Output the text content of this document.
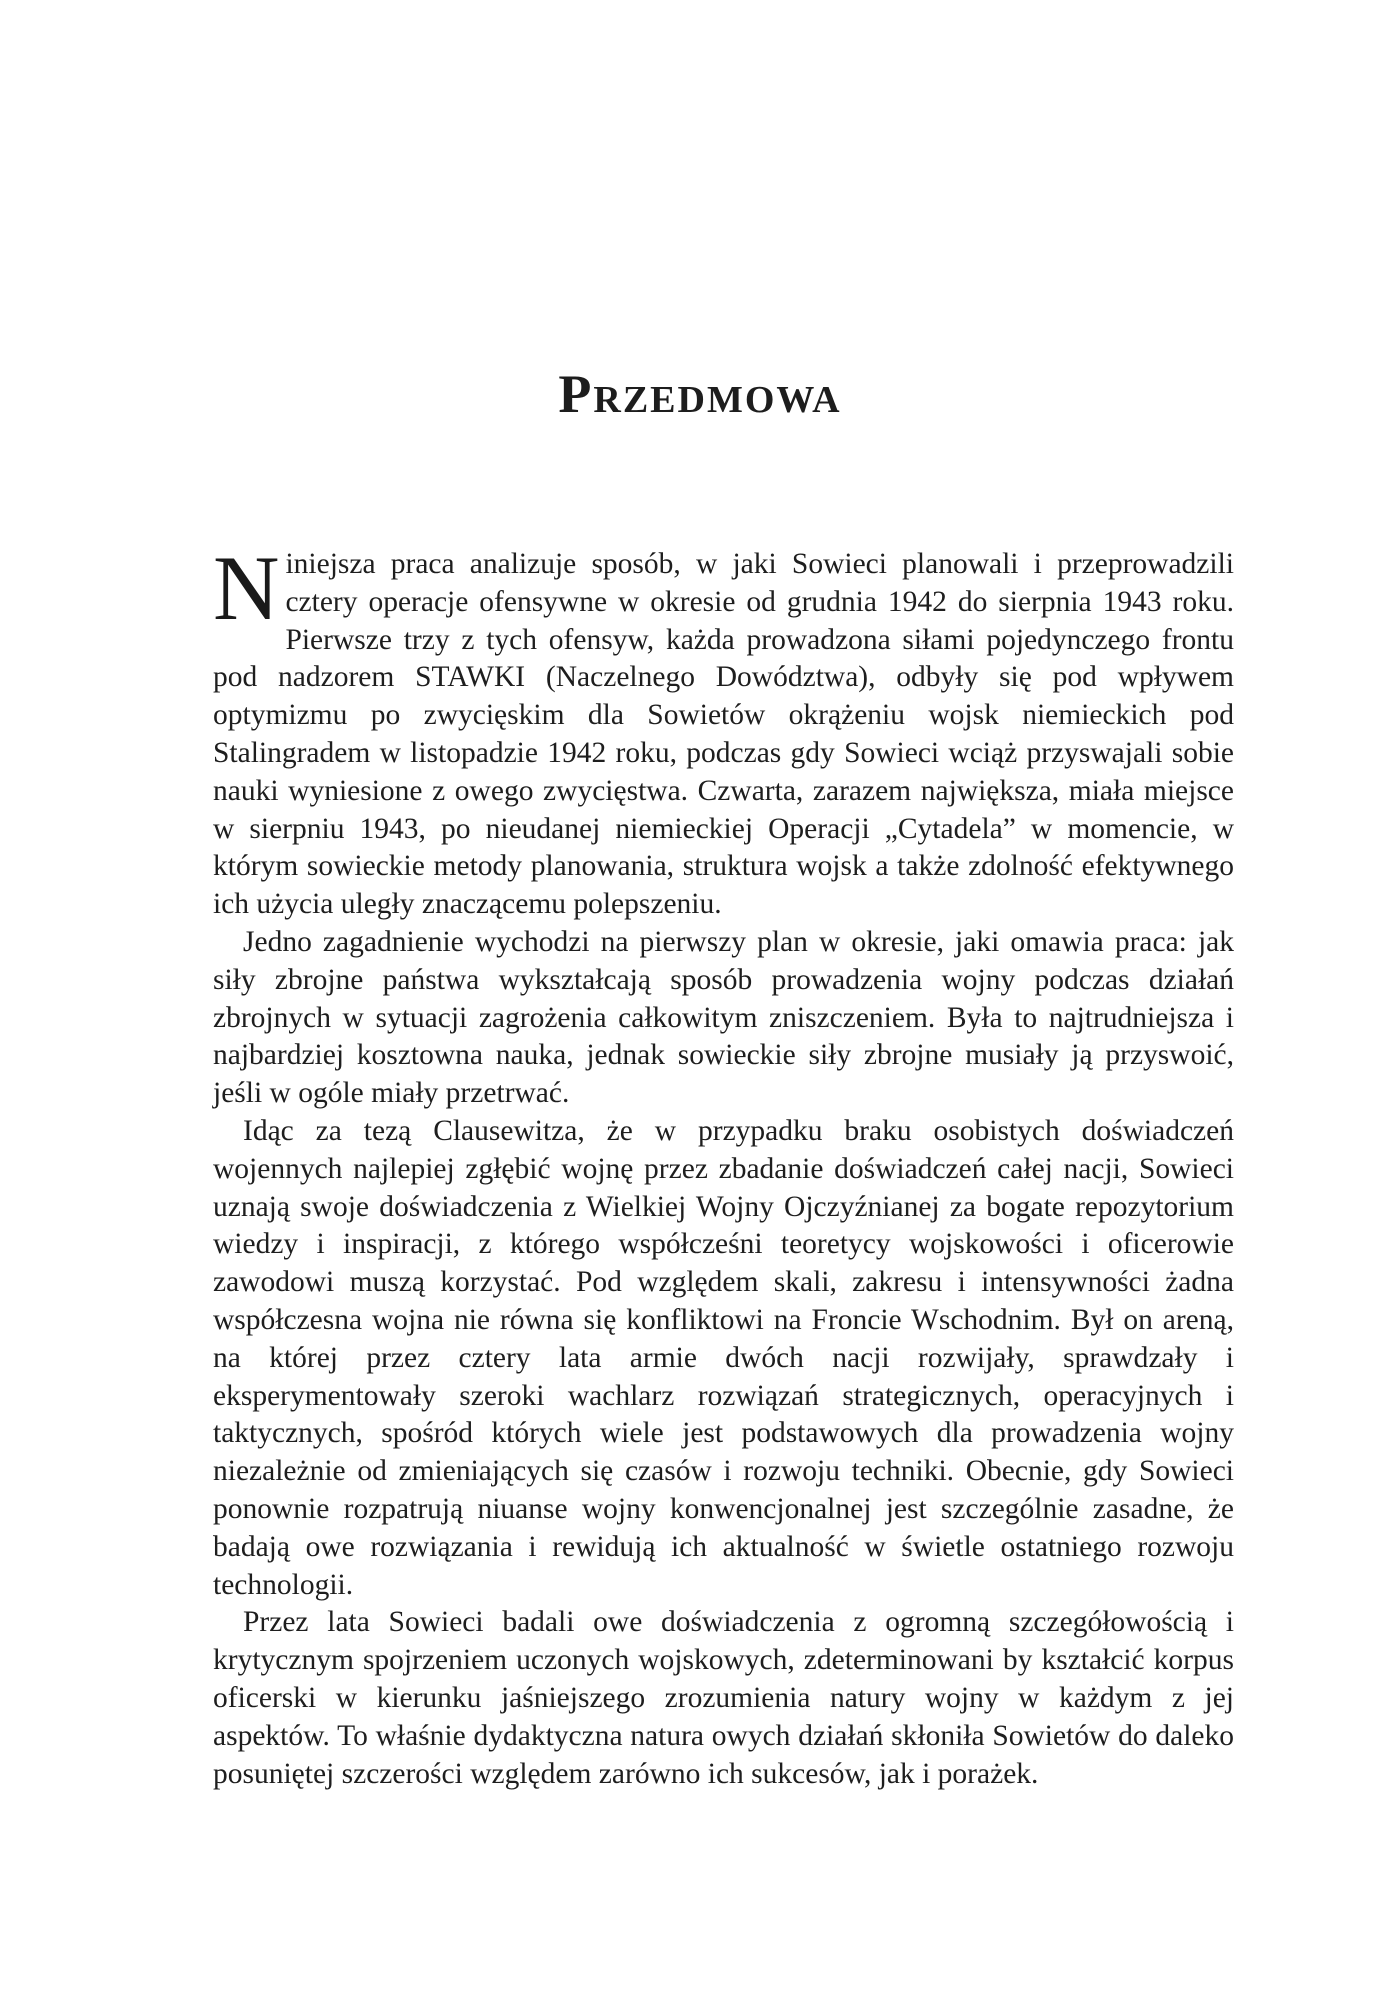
Przedmowa

Niniejsza praca analizuje sposób, w jaki Sowieci planowali i przeprowadzili cztery operacje ofensywne w okresie od grudnia 1942 do sierpnia 1943 roku. Pierwsze trzy z tych ofensyw, każda prowadzona siłami pojedynczego frontu pod nadzorem STAWKI (Naczelnego Dowództwa), odbyły się pod wpływem optymizmu po zwycięskim dla Sowietów okrążeniu wojsk niemieckich pod Stalingradem w listopadzie 1942 roku, podczas gdy Sowieci wciąż przyswajali sobie nauki wyniesione z owego zwycięstwa. Czwarta, zarazem największa, miała miejsce w sierpniu 1943, po nieudanej niemieckiej Operacji „Cytadela” w momencie, w którym sowieckie metody planowania, struktura wojsk a także zdolność efektywnego ich użycia uległy znaczącemu polepszeniu.

Jedno zagadnienie wychodzi na pierwszy plan w okresie, jaki omawia praca: jak siły zbrojne państwa wykształcają sposób prowadzenia wojny podczas działań zbrojnych w sytuacji zagrożenia całkowitym zniszczeniem. Była to najtrudniejsza i najbardziej kosztowna nauka, jednak sowieckie siły zbrojne musiały ją przyswoić, jeśli w ogóle miały przetrwać.

Idąc za tezą Clausewitza, że w przypadku braku osobistych doświadczeń wojennych najlepiej zgłębić wojnę przez zbadanie doświadczeń całej nacji, Sowieci uznają swoje doświadczenia z Wielkiej Wojny Ojczyźnianej za bogate repozytorium wiedzy i inspiracji, z którego współcześni teoretycy wojskowości i oficerowie zawodowi muszą korzystać. Pod względem skali, zakresu i intensywności żadna współczesna wojna nie równa się konfliktowi na Froncie Wschodnim. Był on areną, na której przez cztery lata armie dwóch nacji rozwijały, sprawdzały i eksperymentowały szeroki wachlarz rozwiązań strategicznych, operacyjnych i taktycznych, spośród których wiele jest podstawowych dla prowadzenia wojny niezależnie od zmieniających się czasów i rozwoju techniki. Obecnie, gdy Sowieci ponownie rozpatrują niuanse wojny konwencjonalnej jest szczególnie zasadne, że badają owe rozwiązania i rewidują ich aktualność w świetle ostatniego rozwoju technologii.

Przez lata Sowieci badali owe doświadczenia z ogromną szczegółowością i krytycznym spojrzeniem uczonych wojskowych, zdeterminowani by kształcić korpus oficerski w kierunku jaśniejszego zrozumienia natury wojny w każdym z jej aspektów. To właśnie dydaktyczna natura owych działań skłoniła Sowietów do daleko posuniętej szczerości względem zarówno ich sukcesów, jak i porażek.
